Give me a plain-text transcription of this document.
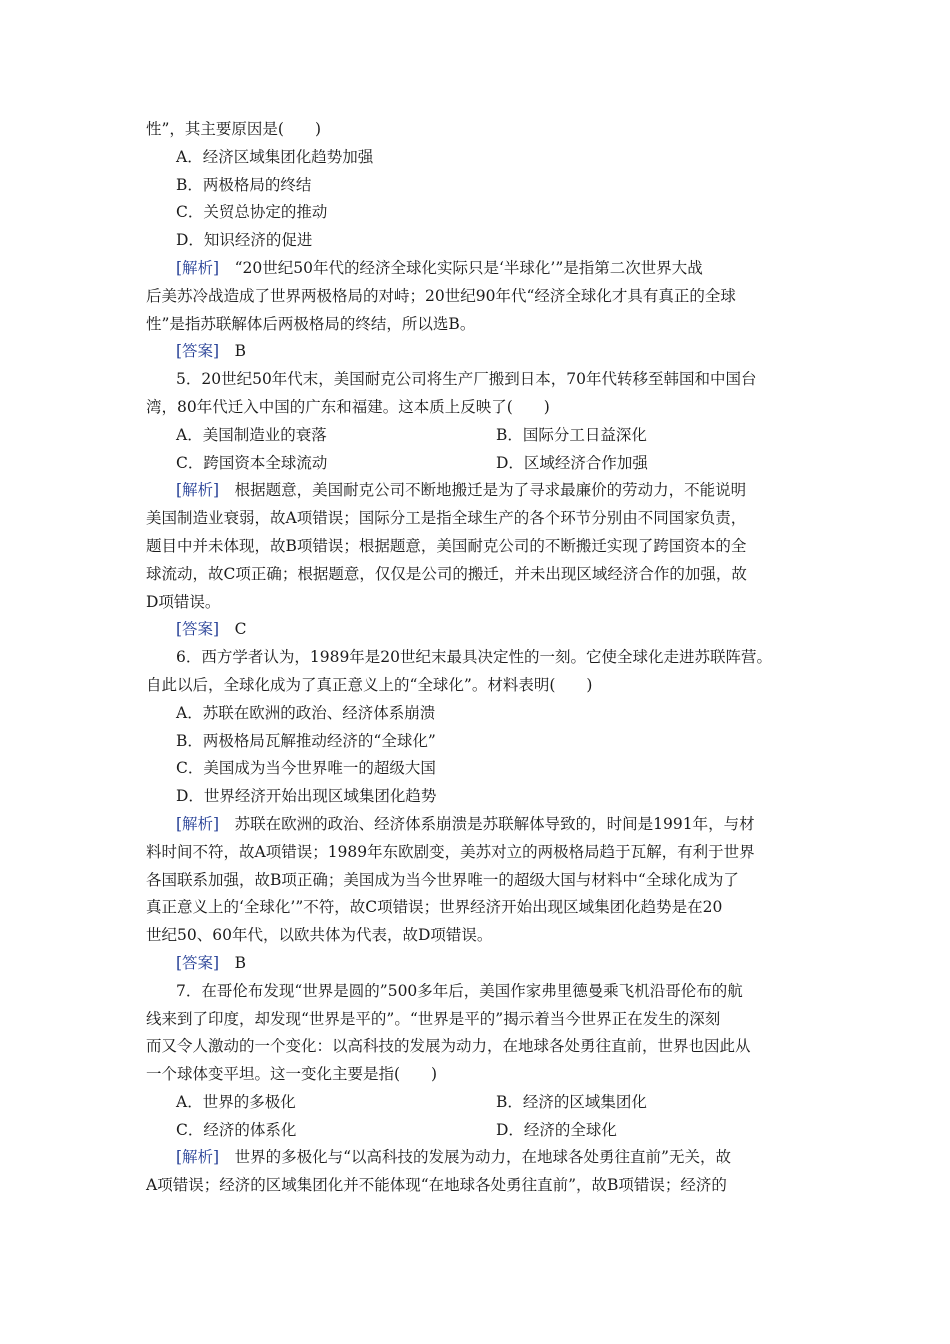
性”，其主要原因是(　　)
A．经济区域集团化趋势加强
B．两极格局的终结
C．关贸总协定的推动
D．知识经济的促进
[解析]　 “20世纪50年代的经济全球化实际只是‘半球化’”是指第二次世界大战
后美苏冷战造成了世界两极格局的对峙；20世纪90年代“经济全球化才具有真正的全球
性”是指苏联解体后两极格局的终结，所以选B。
[答案]　 B
5．20世纪50年代末，美国耐克公司将生产厂搬到日本，70年代转移至韩国和中国台
湾，80年代迁入中国的广东和福建。这本质上反映了(　　)
A．美国制造业的衰落	B．国际分工日益深化
C．跨国资本全球流动	D．区域经济合作加强
[解析]　 根据题意，美国耐克公司不断地搬迁是为了寻求最廉价的劳动力，不能说明
美国制造业衰弱，故A项错误；国际分工是指全球生产的各个环节分别由不同国家负责，
题目中并未体现，故B项错误；根据题意，美国耐克公司的不断搬迁实现了跨国资本的全
球流动，故C项正确；根据题意，仅仅是公司的搬迁，并未出现区域经济合作的加强，故
D项错误。
[答案]　 C
6．西方学者认为，1989年是20世纪末最具决定性的一刻。它使全球化走进苏联阵营。
自此以后，全球化成为了真正意义上的“全球化”。材料表明(　　)
A．苏联在欧洲的政治、经济体系崩溃
B．两极格局瓦解推动经济的“全球化”
C．美国成为当今世界唯一的超级大国
D．世界经济开始出现区域集团化趋势
[解析]　 苏联在欧洲的政治、经济体系崩溃是苏联解体导致的，时间是1991年，与材
料时间不符，故A项错误；1989年东欧剧变，美苏对立的两极格局趋于瓦解，有利于世界
各国联系加强，故B项正确；美国成为当今世界唯一的超级大国与材料中“全球化成为了
真正意义上的‘全球化’”不符，故C项错误；世界经济开始出现区域集团化趋势是在20
世纪50、60年代，以欧共体为代表，故D项错误。
[答案]　 B
7．在哥伦布发现“世界是圆的”500多年后，美国作家弗里德曼乘飞机沿哥伦布的航
线来到了印度，却发现“世界是平的”。“世界是平的”揭示着当今世界正在发生的深刻
而又令人激动的一个变化：以高科技的发展为动力，在地球各处勇往直前，世界也因此从
一个球体变平坦。这一变化主要是指(　　)
A．世界的多极化	B．经济的区域集团化
C．经济的体系化	D．经济的全球化
[解析]　 世界的多极化与“以高科技的发展为动力，在地球各处勇往直前”无关，故
A项错误；经济的区域集团化并不能体现“在地球各处勇往直前”，故B项错误；经济的
